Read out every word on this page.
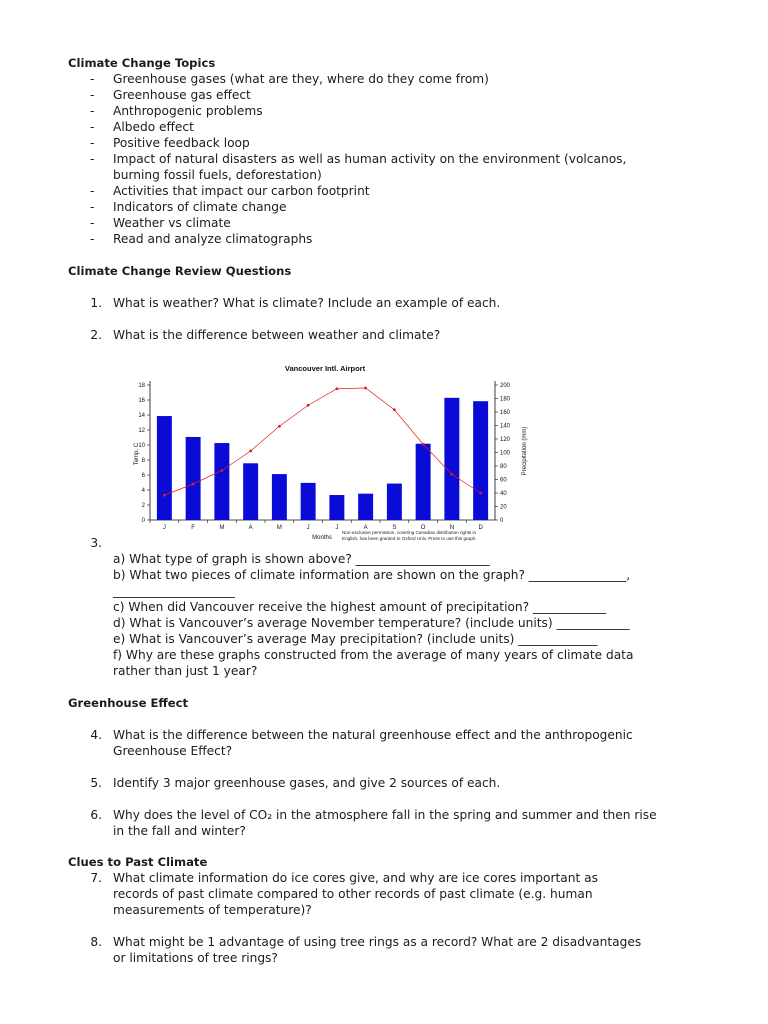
Climate Change Topics
-	Greenhouse gases (what are they, where do they come from)
-	Greenhouse gas effect
-	Anthropogenic problems
-	Albedo effect
-	Positive feedback loop
-	Impact of natural disasters as well as human activity on the environment (volcanos,
burning fossil fuels, deforestation)
-	Activities that impact our carbon footprint
-	Indicators of climate change
-	Weather vs climate
-	Read and analyze climatographs
Climate Change Review Questions
1. What is weather? What is climate? Include an example of each.
2. What is the difference between weather and climate?
Vancouver Intl. Airport
0
2
4
6
8
10
12
14
16
18
0
20
40
60
80
100
120
140
160
180
200
J	F	M	A	M	J	J	A	S	O	N	D
Temp. C	Precipitation (mm)
Months
Non-exclusive permission, covering Canadian distribution rights in
English, has been granted to Oxford Univ. Press to use this graph.
3.
a) What type of graph is shown above? ______________________
b) What two pieces of climate information are shown on the graph? ________________,
____________________
c) When did Vancouver receive the highest amount of precipitation? ____________
d) What is Vancouver’s average November temperature? (include units) ____________
e) What is Vancouver’s average May precipitation? (include units) _____________
f) Why are these graphs constructed from the average of many years of climate data
rather than just 1 year?
Greenhouse Effect
4. What is the difference between the natural greenhouse effect and the anthropogenic
Greenhouse Effect?
5. Identify 3 major greenhouse gases, and give 2 sources of each.
6. Why does the level of CO₂ in the atmosphere fall in the spring and summer and then rise
in the fall and winter?
Clues to Past Climate
7. What climate information do ice cores give, and why are ice cores important as
records of past climate compared to other records of past climate (e.g. human
measurements of temperature)?
8. What might be 1 advantage of using tree rings as a record? What are 2 disadvantages
or limitations of tree rings?
